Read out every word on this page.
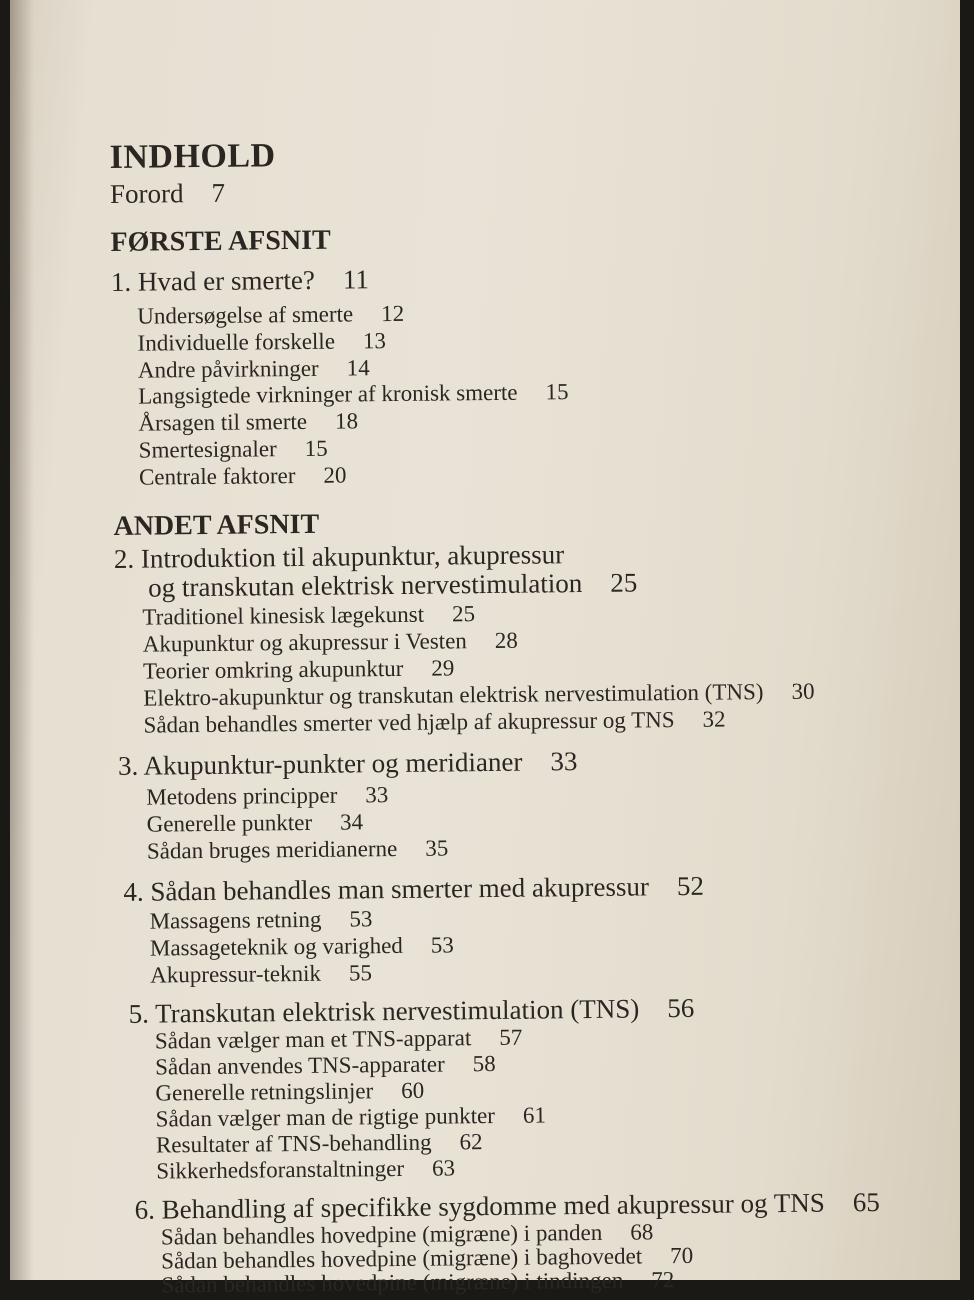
INDHOLD
Forord 7
FØRSTE AFSNIT
1. Hvad er smerte? 11
Undersøgelse af smerte 12
Individuelle forskelle 13
Andre påvirkninger 14
Langsigtede virkninger af kronisk smerte 15
Årsagen til smerte 18
Smertesignaler 15
Centrale faktorer 20
ANDET AFSNIT
2. Introduktion til akupunktur, akupressur
og transkutan elektrisk nervestimulation 25
Traditionel kinesisk lægekunst 25
Akupunktur og akupressur i Vesten 28
Teorier omkring akupunktur 29
Elektro-akupunktur og transkutan elektrisk nervestimulation (TNS) 30
Sådan behandles smerter ved hjælp af akupressur og TNS 32
3. Akupunktur-punkter og meridianer 33
Metodens principper 33
Generelle punkter 34
Sådan bruges meridianerne 35
4. Sådan behandles man smerter med akupressur 52
Massagens retning 53
Massageteknik og varighed 53
Akupressur-teknik 55
5. Transkutan elektrisk nervestimulation (TNS) 56
Sådan vælger man et TNS-apparat 57
Sådan anvendes TNS-apparater 58
Generelle retningslinjer 60
Sådan vælger man de rigtige punkter 61
Resultater af TNS-behandling 62
Sikkerhedsforanstaltninger 63
6. Behandling af specifikke sygdomme med akupressur og TNS 65
Sådan behandles hovedpine (migræne) i panden 68
Sådan behandles hovedpine (migræne) i baghovedet 70
Sådan behandles hovedpine (migræne) i tindingen 72
